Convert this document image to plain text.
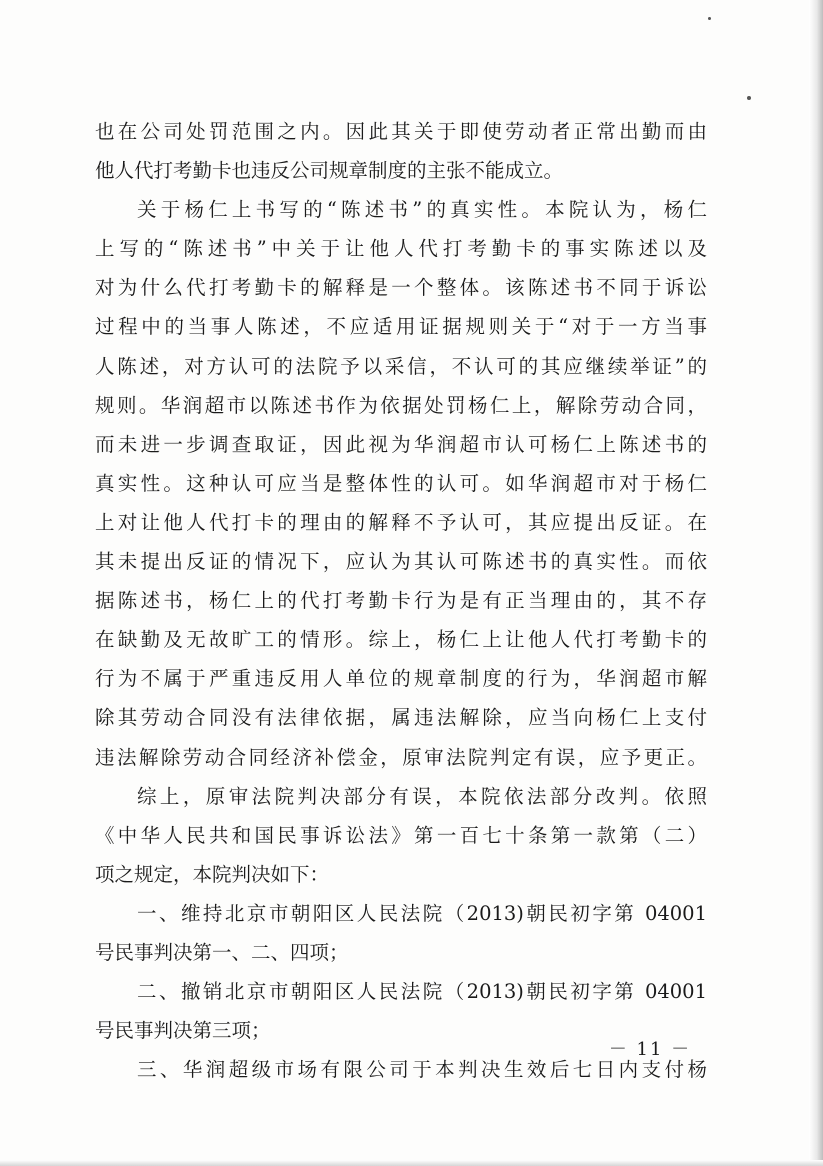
也在公司处罚范围之内。因此其关于即使劳动者正常出勤而由
他人代打考勤卡也违反公司规章制度的主张不能成立。
关于杨仁上书写的“陈述书”的真实性。本院认为，杨仁
上写的“陈述书”中关于让他人代打考勤卡的事实陈述以及
对为什么代打考勤卡的解释是一个整体。该陈述书不同于诉讼
过程中的当事人陈述，不应适用证据规则关于“对于一方当事
人陈述，对方认可的法院予以采信，不认可的其应继续举证”的
规则。华润超市以陈述书作为依据处罚杨仁上，解除劳动合同，
而未进一步调查取证，因此视为华润超市认可杨仁上陈述书的
真实性。这种认可应当是整体性的认可。如华润超市对于杨仁
上对让他人代打卡的理由的解释不予认可，其应提出反证。在
其未提出反证的情况下，应认为其认可陈述书的真实性。而依
据陈述书，杨仁上的代打考勤卡行为是有正当理由的，其不存
在缺勤及无故旷工的情形。综上，杨仁上让他人代打考勤卡的
行为不属于严重违反用人单位的规章制度的行为，华润超市解
除其劳动合同没有法律依据，属违法解除，应当向杨仁上支付
违法解除劳动合同经济补偿金，原审法院判定有误，应予更正。
综上，原审法院判决部分有误，本院依法部分改判。依照
《中华人民共和国民事诉讼法》第一百七十条第一款第（二）
项之规定，本院判决如下：
一、维持北京市朝阳区人民法院（2013)朝民初字第 04001
号民事判决第一、二、四项；
二、撤销北京市朝阳区人民法院（2013)朝民初字第 04001
号民事判决第三项；
三、华润超级市场有限公司于本判决生效后七日内支付杨
－ 11 －
